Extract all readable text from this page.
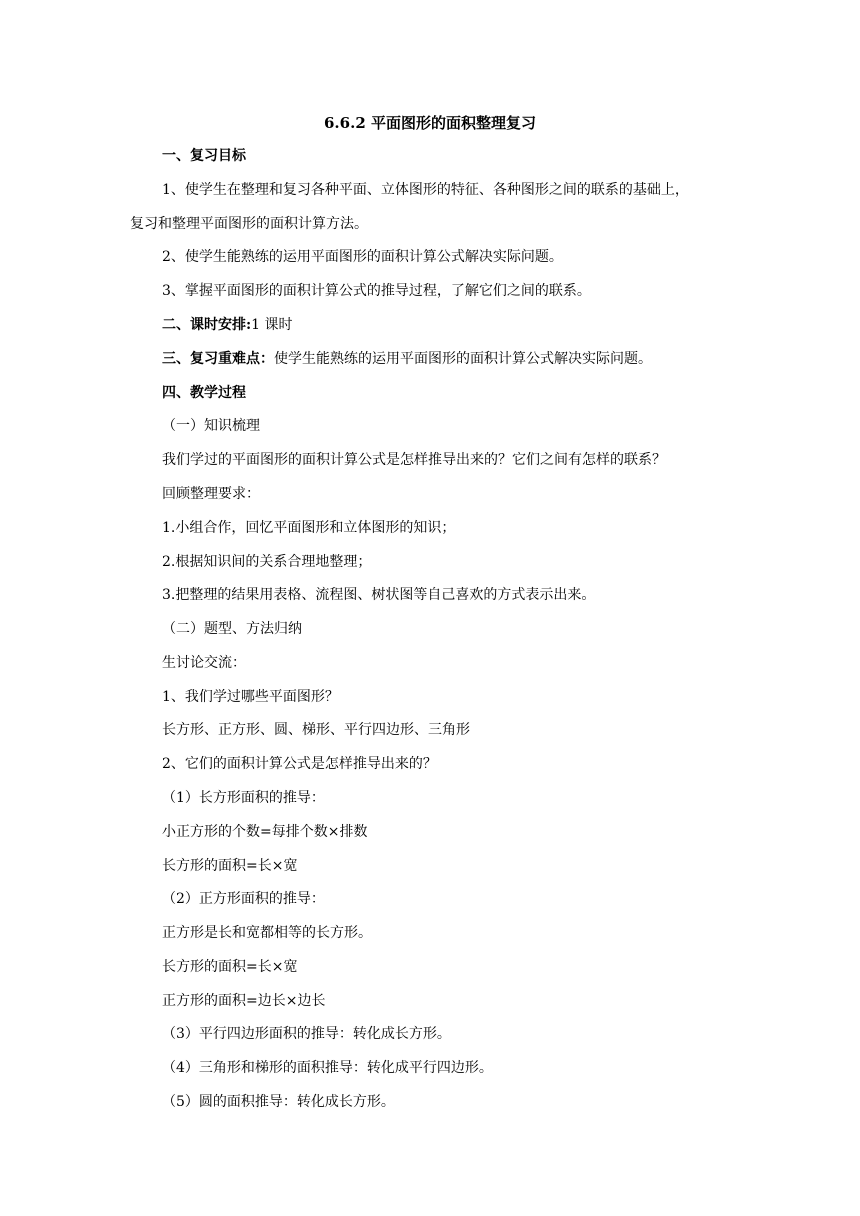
6.6.2 平面图形的面积整理复习
一、复习目标
1、使学生在整理和复习各种平面、立体图形的特征、各种图形之间的联系的基础上，
复习和整理平面图形的面积计算方法。
2、使学生能熟练的运用平面图形的面积计算公式解决实际问题。
3、掌握平面图形的面积计算公式的推导过程，了解它们之间的联系。
二、课时安排:1 课时
三、复习重难点：使学生能熟练的运用平面图形的面积计算公式解决实际问题。
四、教学过程
（一）知识梳理
我们学过的平面图形的面积计算公式是怎样推导出来的？它们之间有怎样的联系？
回顾整理要求：
1.小组合作，回忆平面图形和立体图形的知识；
2.根据知识间的关系合理地整理；
3.把整理的结果用表格、流程图、树状图等自己喜欢的方式表示出来。
（二）题型、方法归纳
生讨论交流：
1、我们学过哪些平面图形？
长方形、正方形、圆、梯形、平行四边形、三角形
2、它们的面积计算公式是怎样推导出来的？
（1）长方形面积的推导：
小正方形的个数=每排个数×排数
长方形的面积=长×宽
（2）正方形面积的推导：
正方形是长和宽都相等的长方形。
长方形的面积=长×宽
正方形的面积=边长×边长
（3）平行四边形面积的推导：转化成长方形。
（4）三角形和梯形的面积推导：转化成平行四边形。
（5）圆的面积推导：转化成长方形。
